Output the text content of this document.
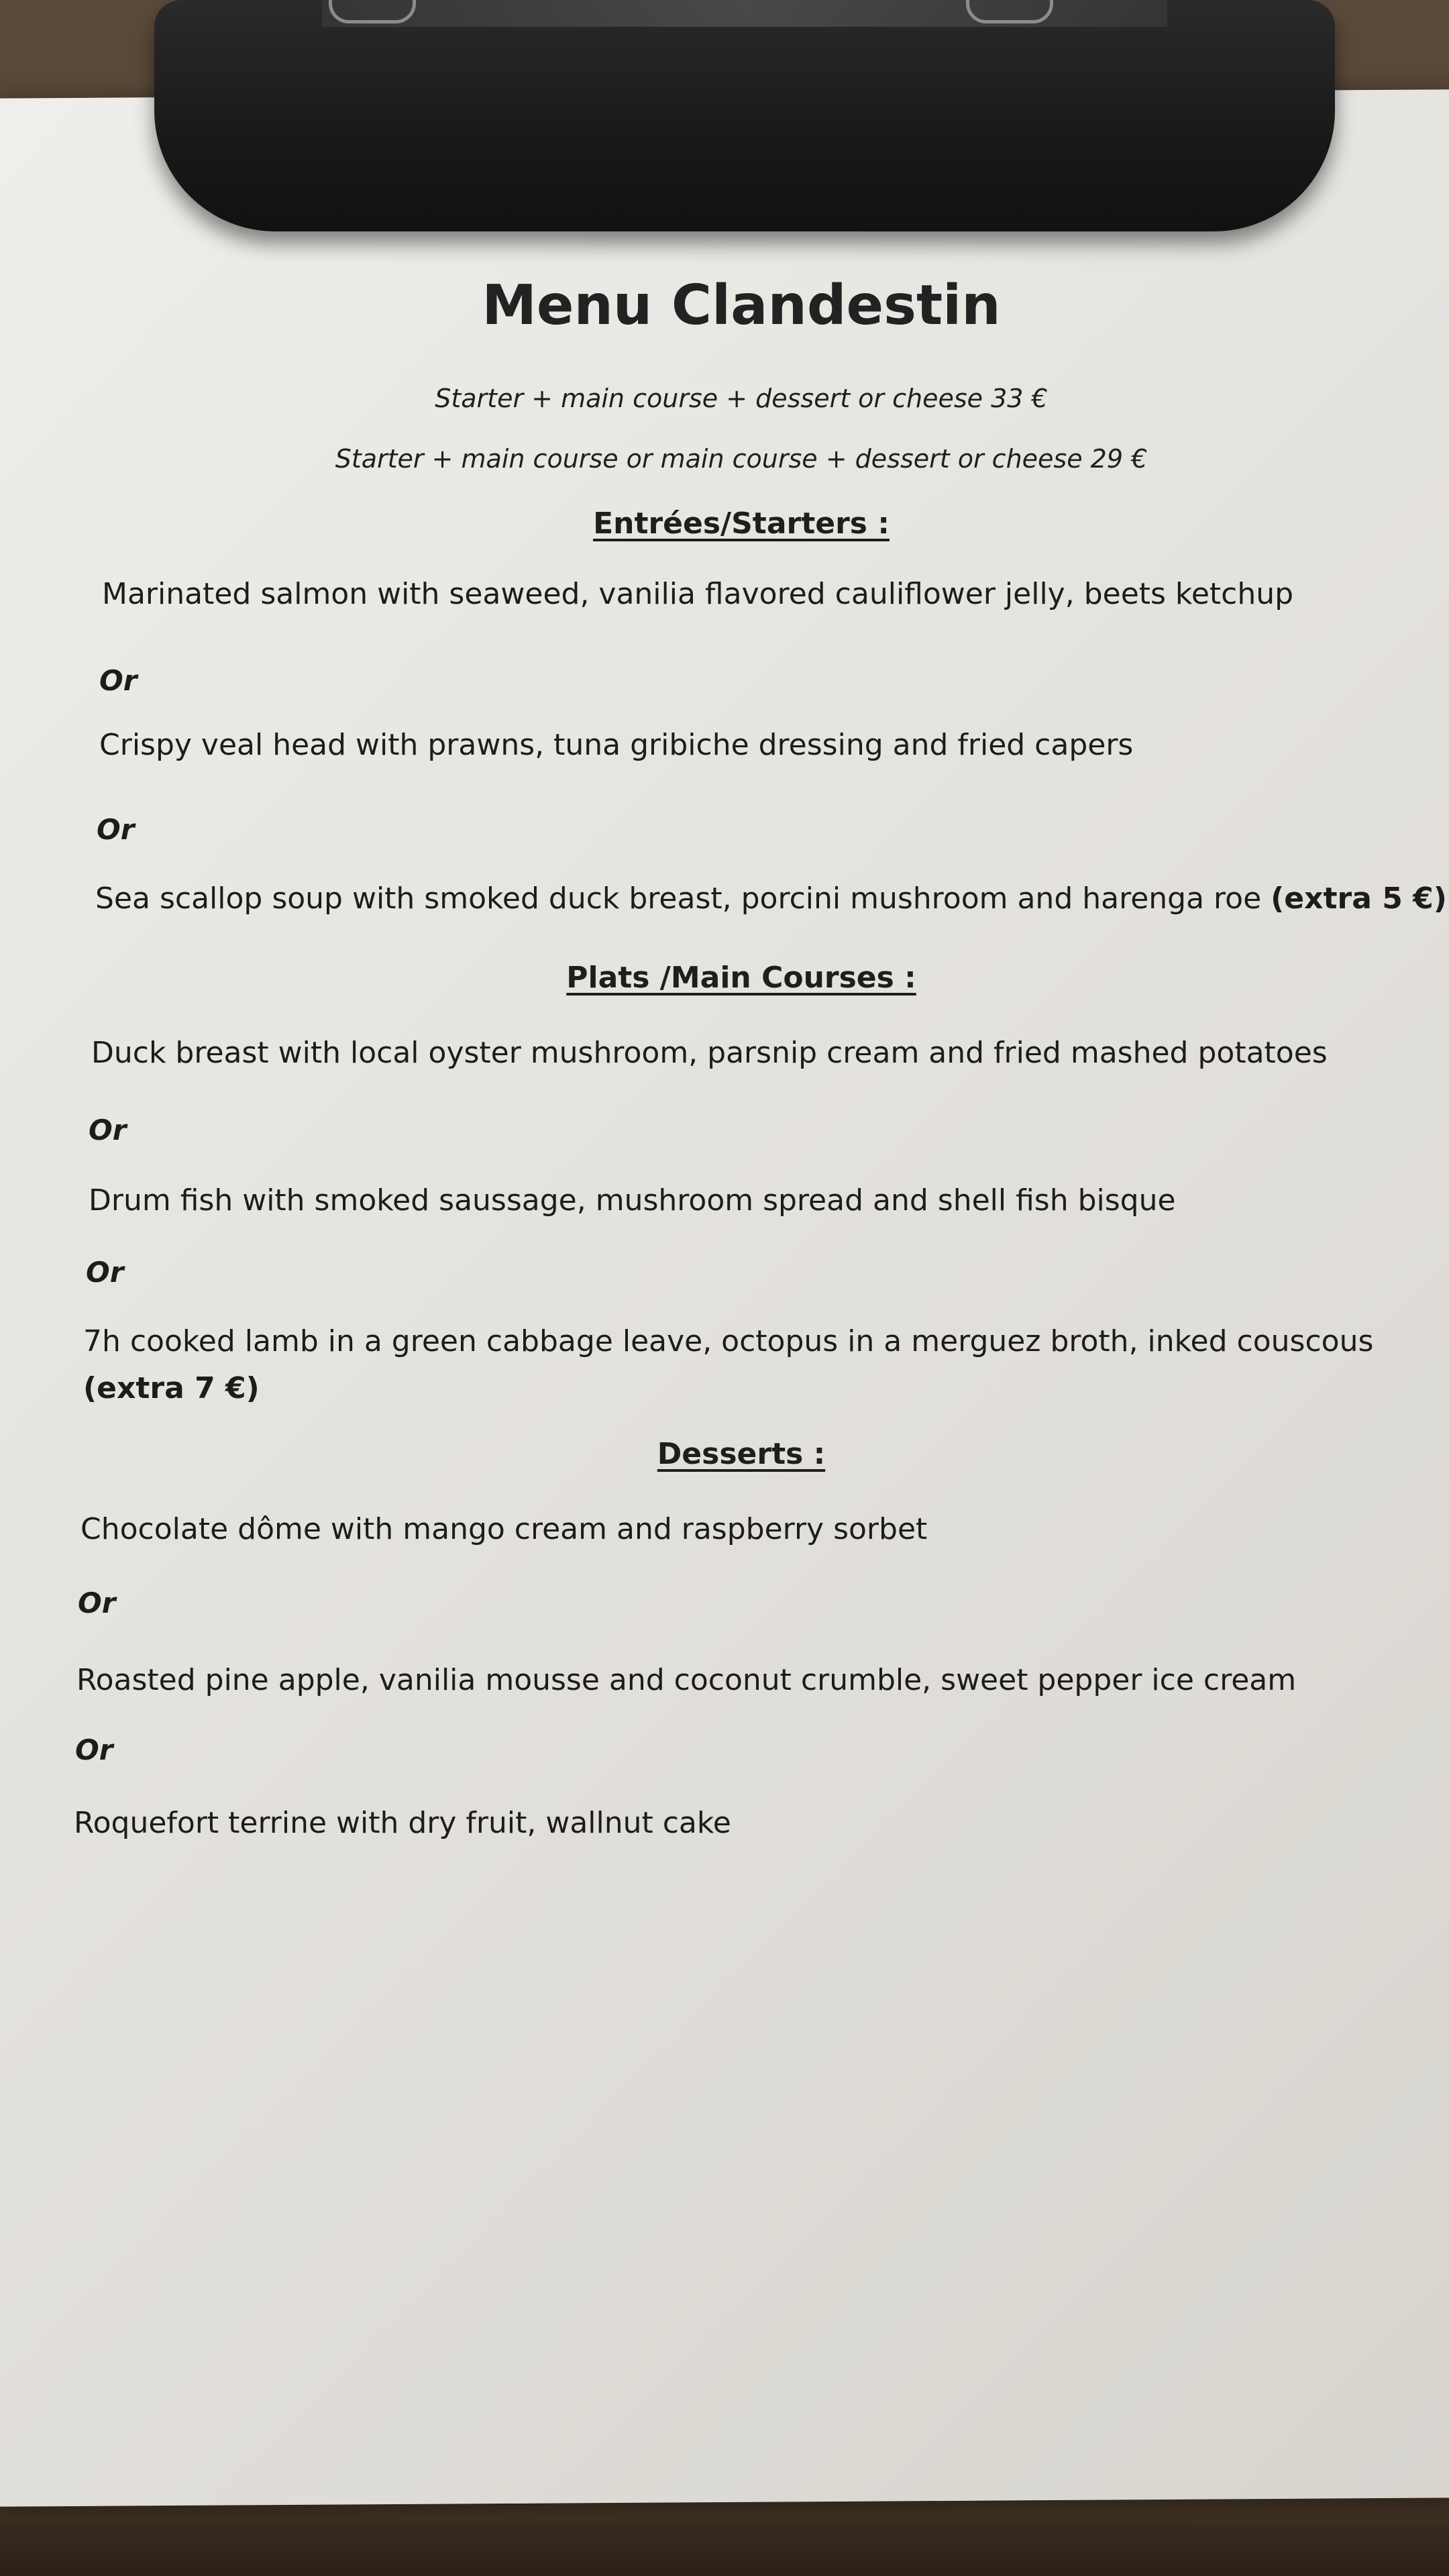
Menu Clandestin
Starter + main course + dessert or cheese 33 €
Starter + main course or main course + dessert or cheese 29 €
Entrées/Starters :
Marinated salmon with seaweed, vanilia flavored cauliflower jelly, beets ketchup
Or
Crispy veal head with prawns, tuna gribiche dressing and fried capers
Or
Sea scallop soup with smoked duck breast, porcini mushroom and harenga roe (extra 5 €)
Plats /Main Courses :
Duck breast with local oyster mushroom, parsnip cream and fried mashed potatoes
Or
Drum fish with smoked saussage, mushroom spread and shell fish bisque
Or
7h cooked lamb in a green cabbage leave, octopus in a merguez broth, inked couscous
(extra 7 €)
Desserts :
Chocolate dôme with mango cream and raspberry sorbet
Or
Roasted pine apple, vanilia mousse and coconut crumble, sweet pepper ice cream
Or
Roquefort terrine with dry fruit, wallnut cake
